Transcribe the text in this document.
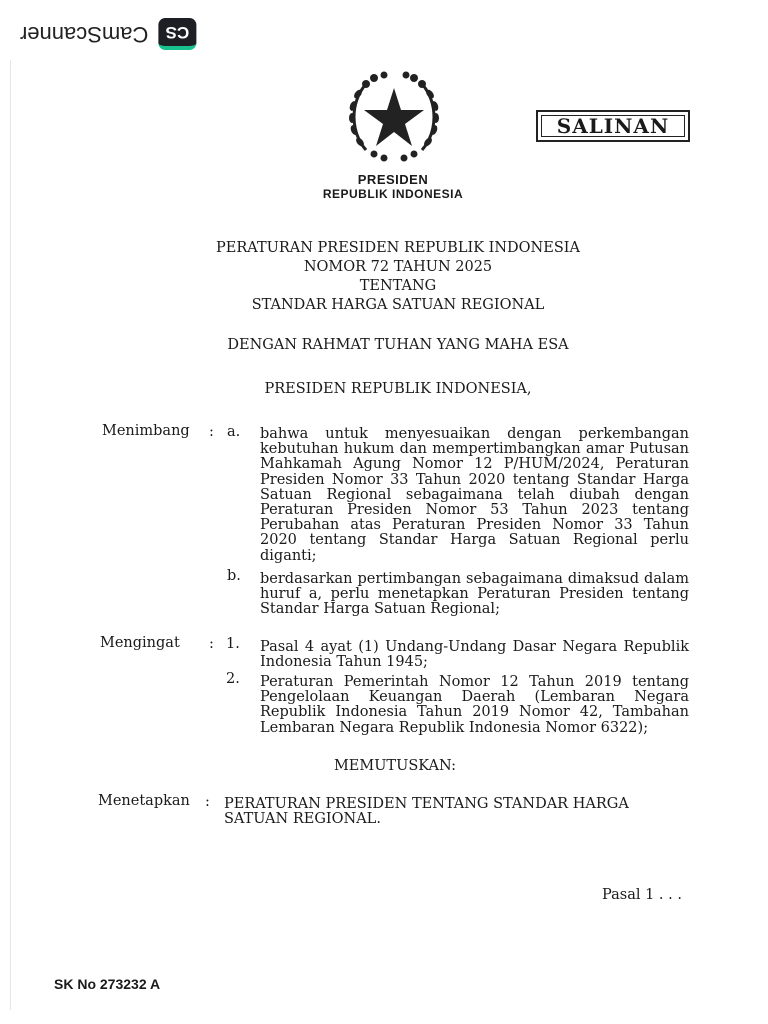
CS
CamScanner
SALINAN
PRESIDEN
REPUBLIK INDONESIA
PERATURAN PRESIDEN REPUBLIK INDONESIA
NOMOR 72 TAHUN 2025
TENTANG
STANDAR HARGA SATUAN REGIONAL
DENGAN RAHMAT TUHAN YANG MAHA ESA
PRESIDEN REPUBLIK INDONESIA,
Menimbang : a. bahwa untuk menyesuaikan dengan perkembangan kebutuhan hukum dan mempertimbangkan amar Putusan Mahkamah Agung Nomor 12 P/HUM/2024, Peraturan Presiden Nomor 33 Tahun 2020 tentang Standar Harga Satuan Regional sebagaimana telah diubah dengan Peraturan Presiden Nomor 53 Tahun 2023 tentang Perubahan atas Peraturan Presiden Nomor 33 Tahun 2020 tentang Standar Harga Satuan Regional perlu diganti;

b. berdasarkan pertimbangan sebagaimana dimaksud dalam huruf a, perlu menetapkan Peraturan Presiden tentang Standar Harga Satuan Regional;

Mengingat : 1. Pasal 4 ayat (1) Undang-Undang Dasar Negara Republik Indonesia Tahun 1945;

2. Peraturan Pemerintah Nomor 12 Tahun 2019 tentang Pengelolaan Keuangan Daerah (Lembaran Negara Republik Indonesia Tahun 2019 Nomor 42, Tambahan Lembaran Negara Republik Indonesia Nomor 6322);

MEMUTUSKAN:
Menetapkan : PERATURAN PRESIDEN TENTANG STANDAR HARGA SATUAN REGIONAL.

Pasal 1 . . .
SK No 273232 A
